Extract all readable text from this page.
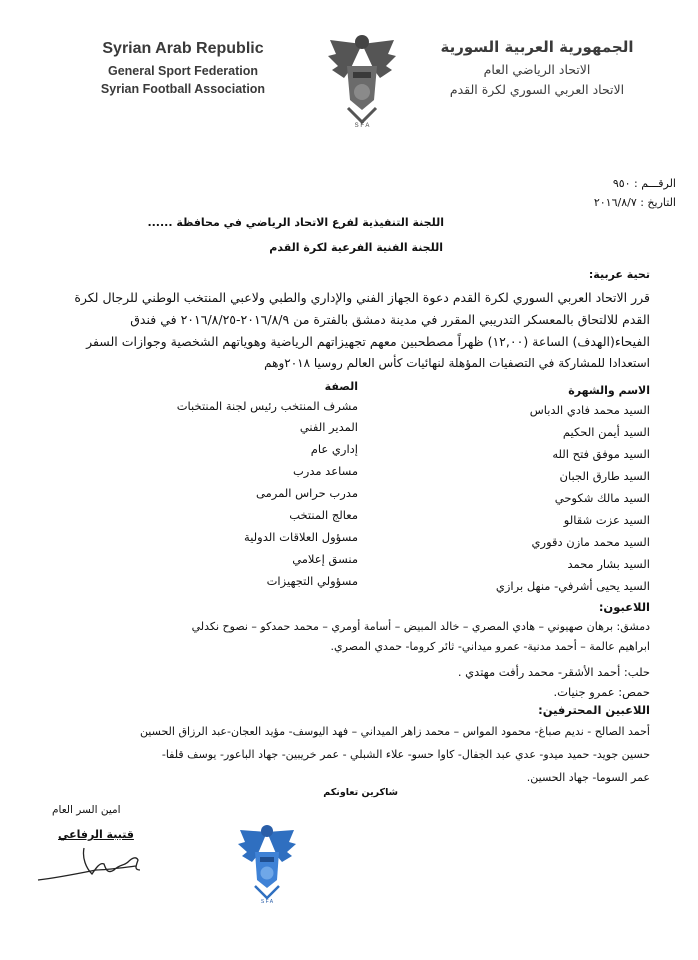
Syrian Arab Republic
General Sport Federation
Syrian Football Association
الجمهورية العربية السورية
الاتحاد الرياضي العام
الاتحاد العربي السوري لكرة القدم
S F A
الرقـــم : ٩٥٠
التاريخ : ٢٠١٦/٨/٧
اللجنة التنفيذية لفرع الاتحاد الرياضي في محافظة ......
اللجنة الفنية الفرعية لكرة القدم
تحية عربية:
قرر الاتحاد العربي السوري لكرة القدم دعوة الجهاز الفني والإداري والطبي ولاعبي المنتخب الوطني للرجال لكرة
القدم للالتحاق بالمعسكر التدريبي المقرر في مدينة دمشق بالفترة من ٢٠١٦/٨/٩-٢٠١٦/٨/٢٥ في فندق
الفيحاء(الهدف) الساعة (١٢,٠٠) ظهراً مصطحبين معهم تجهيزاتهم الرياضية وهوياتهم الشخصية وجوازات السفر
استعدادا للمشاركة في التصفيات المؤهلة لنهائيات كأس العالم روسيا ٢٠١٨وهم
الاسم والشهرة
الصفة
السيد محمد فادي الدباس
مشرف المنتخب رئيس لجنة المنتخبات
السيد أيمن الحكيم
المدير الفني
السيد موفق فتح الله
إداري عام
السيد طارق الجبان
مساعد مدرب
السيد مالك شكوحي
مدرب حراس المرمى
السيد عزت شقالو
معالج المنتخب
السيد محمد مازن دقوري
مسؤول العلاقات الدولية
السيد بشار محمد
منسق إعلامي
السيد يحيى أشرفي- منهل برازي
مسؤولي التجهيزات
اللاعبون:
دمشق: برهان صهيوني – هادي المصري – خالد المبيض – أسامة أومري – محمد حمدكو – نصوح نكدلي
ابراهيم عالمة – أحمد مدنية- عمرو ميداني- ثائر كروما- حمدي المصري.
حلب: أحمد الأشقر- محمد رأفت مهتدي .
حمص: عمرو جنيات.
اللاعبين المحترفين:
أحمد الصالح - نديم صباغ- محمود المواس – محمد زاهر الميداني – فهد اليوسف- مؤيد العجان-عبد الرزاق الحسين
حسين جويد- حميد ميدو- عدي عبد الجفال- كاوا حسو- علاء الشبلي - عمر خريبين- جهاد الباعور- يوسف قلفا-
عمر السوما- جهاد الحسين.
شاكرين تعاونكم
امين السر العام
قتيبة الرفاعي
S F A
